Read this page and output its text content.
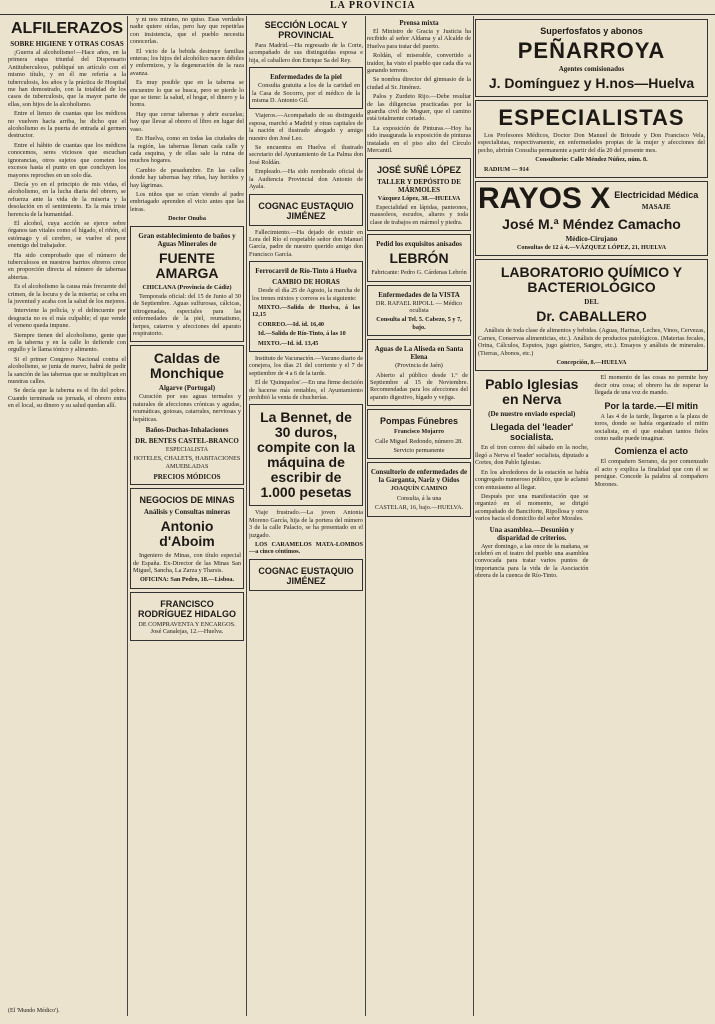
LA PROVINCIA
ALFILERAZOS
SOBRE HIGIENE Y OTRAS COSAS

¡Guerra al alcoholismo!—Hace años, en la primera etapa triunfal del Dispensario Antituberculoso, publiqué un artículo con el mismo título, y en él me refería a la tuberculosis, los años y la práctica de Hospital me han demostrado, con la totalidad de los casos de tuberculosis, que la mayor parte de ellas, son hijos de la alcoholismo.

Entre el lienzo de cuantas que los médicos no vuelven hacia arriba, he dicho que el alcoholismo es la puerta de entrada al germen destructor.

Entre el hábito de cuantas que los médicos conocemos, seres viciosos que escuchan ignorancias, otros sujetos que cometen los excesos hasta el punto en que concluyen los mayores reproches en un solo día.

Decía yo en el principio de mis vidas, el alcoholismo, en la lucha diaria del obrero, se refuerza ante la vida de la miseria y la desolación en el sentimiento. Es la más triste herencia de la humanidad.

El alcohol, cuya acción se ejerce sobre órganos tan vitales como el hígado, el riñón, el estómago y el cerebro, se vuelve el peor enemigo del trabajador.

Ha sido comprobado que el número de tuberculosos en nuestros barrios obreros crece en proporción directa al número de tabernas abiertas.

Es el alcoholismo la causa más frecuente del crimen, de la locura y de la miseria; se ceba en la juventud y acaba con la salud de los mejores.

Interviene la policía, y el delincuente por desgracia no es el más culpable; el que vende el veneno queda impune.

Siempre tienen del alcoholismo, gente que en la taberna y en la calle lo defiende con orgullo y le llama tónico y alimento.

Si el primer Congreso Nacional contra el alcoholismo, se junta de nuevo, habrá de pedir la sanción de las tabernas que se multiplican en nuestras calles.

Se decía que la taberna es el fin del pobre. Cuando terminada su jornada, el obrero entra en el local, su dinero y su salud quedan allí.

y ni nos mirano, no quiso. Esas verdades nadie quiere oírlas, pero hay que repetirlas con insistencia, que el pueblo necesita conocerlas.

El vicio de la bebida destruye familias enteras; los hijos del alcohólico nacen débiles y enfermizos, y la degeneración de la raza avanza.

Es muy posible que en la taberna se encuentre lo que se busca, pero se pierde lo que se tiene: la salud, el hogar, el dinero y la honra.

Hay que cerrar tabernas y abrir escuelas; hay que llevar al obrero el libro en lugar del vaso.

En Huelva, como en todas las ciudades de la región, las tabernas llenan cada calle y cada esquina, y de ellas sale la ruina de muchos hogares.

Cambio de pesadumbre. En las calles donde hay tabernas hay riñas, hay heridos y hay lágrimas.

Los niños que se crían viendo al padre embriagado aprenden el vicio antes que las letras.

Doctor Onuba

Gran establecimiento de baños y Aguas Minerales de
FUENTE AMARGA

CHICLANA (Provincia de Cádiz)

Temporada oficial: del 15 de Junio al 30 de Septiembre. Aguas sulfurosas, cálcicas, nitrogenadas, especiales para las enfermedades de la piel, reumatismo, herpes, catarros y afecciones del aparato respiratorio.

Caldas de Monchique
Algarve (Portugal)

Curación por sus aguas termales y naturales de afecciones crónicas y agudas, reumáticas, gotosas, catarrales, nerviosas y hepáticas.

Baños-Duchas-Inhalaciones
DR. BENTES CASTEL-BRANCO

ESPECIALISTA

HOTELES, CHALETS, HABITACIONES AMUEBLADAS

PRECIOS MÓDICOS
NEGOCIOS DE MINAS
Análisis y Consultas mineras
Antonio d'Aboim

Ingeniero de Minas, con título especial de España. Ex-Director de las Minas San Miguel, Sancha, La Zarza y Tharsis.

OFICINA: San Pedro, 18.—Lisboa.

FRANCISCO RODRÍGUEZ HIDALGO

DE COMPRAVENTA Y ENCARGOS. José Canalejas, 12.—Huelva.

SECCIÓN LOCAL Y PROVINCIAL

Para Madrid.—Ha regresado de la Corte, acompañado de sus distinguidas esposa e hija, el caballero don Enrique Sa del Rey.

Enfermedades de la piel

Consulta gratuita a los de la caridad en la Casa de Socorro, por el médico de la misma D. Antonio Gil.

Viajeros.—Acompañado de su distinguida esposa, marchó a Madrid y otras capitales de la nación el ilustrado abogado y amigo nuestro don José Leo.

Se encuentra en Huelva el ilustrado secretario del Ayuntamiento de La Palma don José Roldán.

Empleado.—Ha sido nombrado oficial de la Audiencia Provincial don Antonio de Ayala.

COGNAC EUSTAQUIO JIMÉNEZ

Fallecimiento.—Ha dejado de existir en Lora del Río el respetable señor don Manuel García, padre de nuestro querido amigo don Francisco García.

Ferrocarril de Río-Tinto á Huelva
CAMBIO DE HORAS

Desde el día 25 de Agosto, la marcha de los trenes mixtos y correos es la siguiente:

MIXTO.—Salida de Huelva, á las 12,15

CORREO.—Id. id. 16,40

Id.—Salida de Río-Tinto, á las 10

MIXTO.—Id. id. 13,45

Instituto de Vacunación.—Vacuno diario de conejera, los días 21 del corriente y el 7 de septiembre de 4 a 6 de la tarde.

El de 'Quinquelos'.—En una firme decisión de hacerse más rentables, el Ayuntamiento prohibió la venta de chucherías.

La Bennet, de 30 duros, compite con la máquina de escribir de 1.000 pesetas

Viaje frustrado.—La joven Antonia Moreno García, hija de la portera del número 3 de la calle Palacio, se ha presentado en el juzgado.

LOS CARAMELOS MATA-LOMBOS—a cinco céntimos.

COGNAC EUSTAQUIO JIMÉNEZ
Prensa mixta

El Ministro de Gracia y Justicia ha recibido al señor Aldama y al Alcalde de Huelva para tratar del puerto.

Roldán, el miserable, convertido a traidor, ha visto el pueblo que cada día va ganando terreno.

Se nombra director del gimnasio de la ciudad al Sr. Jiménez.

Palos y Zurdeto Rijo.—Debe resultar de las diligencias practicadas por la guardia civil de Moguer, que el camino está totalmente cortado.

La exposición de Pinturas.—Hoy ha sido inaugurada la exposición de pinturas instalada en el piso alto del Círculo Mercantil.

JOSÉ SUÑÉ LÓPEZ
TALLER Y DEPÓSITO DE MÁRMOLES

Vázquez López, 38.—HUELVA

Especialidad en lápidas, panteones, mausoleos, escudos, altares y toda clase de trabajos en mármol y piedra.

Pedid los exquisitos anisados
LEBRÓN

Fabricante: Pedro G. Cárdenas Lebrón

Enfermedades de la VISTA

DR. RAFAEL RIPOLL — Médico oculista

Consulta al Tel. 5. Cabezo, 5 y 7, bajo.

Aguas de La Aliseda en Santa Elena

(Provincia de Jaén)

Abierto al público desde 1.º de Septiembre al 15 de Noviembre. Recomendadas para los afecciones del aparato digestivo, hígado y vejiga.

Pompas Fúnebres

Francisco Mojarro

Calle Miguel Redondo, número 28.

Servicio permanente

Consultorio de enfermedades de la Garganta, Nariz y Oídos

JOAQUÍN CAMINO

Consulta, á la una

CASTELAR, 16, bajo.—HUELVA.

Superfosfatos y abonos
PEÑARROYA
Agentes comisionados
J. Domínguez y H.nos—Huelva
ESPECIALISTAS

Los Profesores Médicos, Doctor Don Manuel de Brioude y Don Francisco Vela, especialistas, respectivamente, en enfermedades propias de la mujer y afecciones del pecho, abrirán Consulta permanente a partir del día 20 del presente mes.

Consultorio: Calle Méndez Núñez, núm. 8.

RADIUM — 914

RAYOS X Electricidad Médica
MASAJE
José M.ª Méndez Camacho
Médico-Cirujano

Consultas de 12 á 4.—VÁZQUEZ LÓPEZ, 21, HUELVA

LABORATORIO QUÍMICO Y BACTERIOLÓGICO
DEL
Dr. CABALLERO

Análisis de toda clase de alimentos y bebidas. (Aguas, Harinas, Leches, Vinos, Cervezas, Carnes, Conservas alimenticias, etc.). Análisis de productos patológicos. (Materias fecales, Orina, Cálculos, Esputos, jugo gástrico, Sangre, etc.). Ensayos y análisis de minerales. (Tierras, Abonos, etc.)

Concepción, 8.—HUELVA

Pablo Iglesias en Nerva
(De nuestro enviado especial)
Llegada del 'leader' socialista.

En el tren correo del sábado en la noche, llegó a Nerva el 'leader' socialista, diputado a Cortes, don Pablo Iglesias.

En los alrededores de la estación se había congregado numeroso público, que le aclamó con entusiasmo al llegar.

Después por una manifestación que se organizó en el momento, se dirigió acompañado de Banciforte, Ripollosa y otros varios hacia el domicilio del señor Morales.

Una asamblea.—Desunión y disparidad de criterios.

Ayer domingo, a las once de la mañana, se celebró en el teatro del pueblo una asamblea convocada para tratar varios puntos de importancia para la vida de la Asociación obrera de la cuenca de Río-Tinto.

El momento de las cosas no permite hoy decir otra cosa; el obrero ha de esperar la llegada de una voz de mando.

Por la tarde.—El mitin

A las 4 de la tarde, llegaron a la plaza de toros, donde se había organizado el mitin socialista, en el que estaban tantos fieles como nadie puede imaginar.

Comienza el acto

El compañero Serrano, da por comenzado el acto y explica la finalidad que con él se persigue. Concede la palabra al compañero Morones.

(El 'Mundo Médico').
